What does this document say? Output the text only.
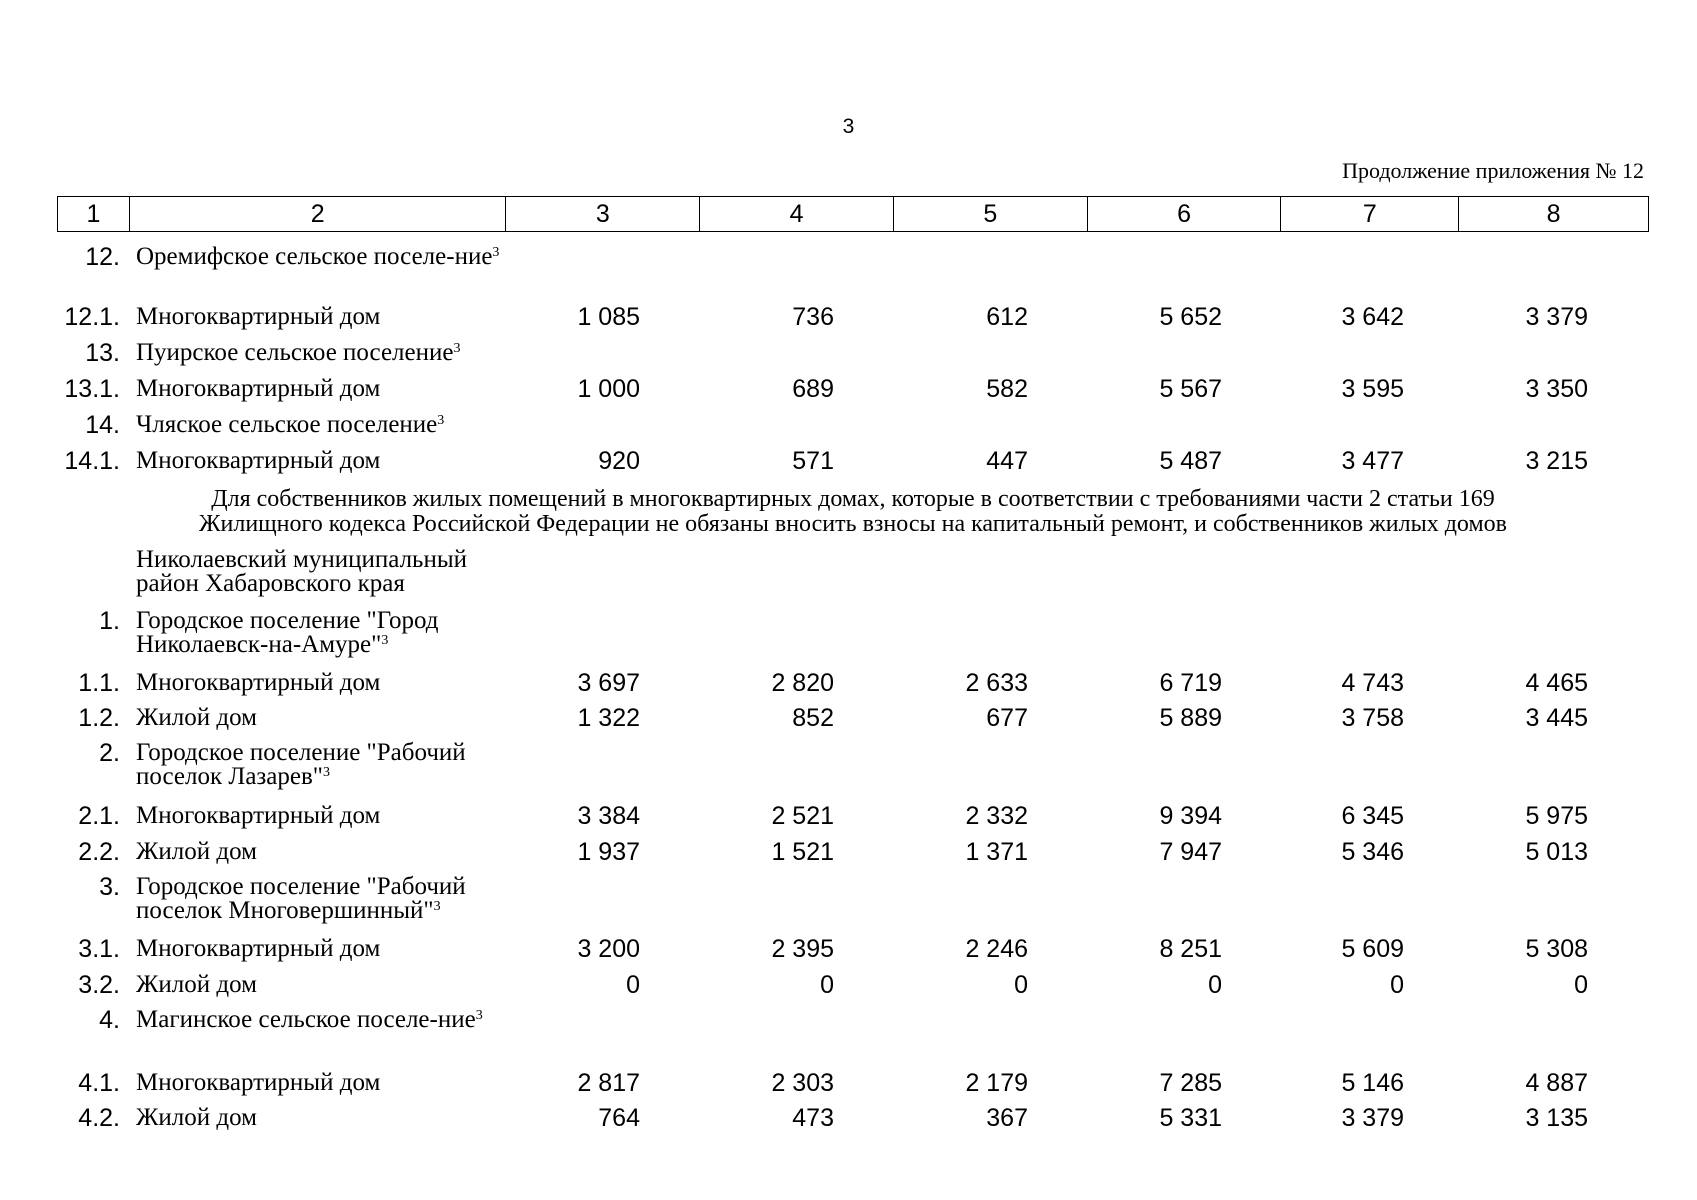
3
Продолжение приложения № 12
1	2	3	4	5	6	7	8
12. Оремифское сельское поселе-ние$^3$
12.1. Многоквартирный дом	1 085	736	612	5 652	3 642	3 379
13. Пуирское сельское поселение$^3$
13.1. Многоквартирный дом	1 000	689	582	5 567	3 595	3 350
14. Чляское сельское поселение$^3$
14.1. Многоквартирный дом	920	571	447	5 487	3 477	3 215
Николаевский муниципальный район Хабаровского края
1. Городское поселение "Город Николаевск-на-Амуре"$^3$
1.1. Многоквартирный дом	3 697	2 820	2 633	6 719	4 743	4 465
1.2. Жилой дом	1 322	852	677	5 889	3 758	3 445
2. Городское поселение "Рабочий поселок Лазарев"$^3$
2.1. Многоквартирный дом	3 384	2 521	2 332	9 394	6 345	5 975
2.2. Жилой дом	1 937	1 521	1 371	7 947	5 346	5 013
3. Городское поселение "Рабочий поселок Многовершинный"$^3$
3.1. Многоквартирный дом	3 200	2 395	2 246	8 251	5 609	5 308
3.2. Жилой дом	0	0	0	0	0	0
4. Магинское сельское поселе-ние$^3$
4.1. Многоквартирный дом	2 817	2 303	2 179	7 285	5 146	4 887
4.2. Жилой дом	764	473	367	5 331	3 379	3 135
Для собственников жилых помещений в многоквартирных домах, которые в соответствии с требованиями части 2 статьи 169
Жилищного кодекса Российской Федерации не обязаны вносить взносы на капитальный ремонт, и собственников жилых домов
